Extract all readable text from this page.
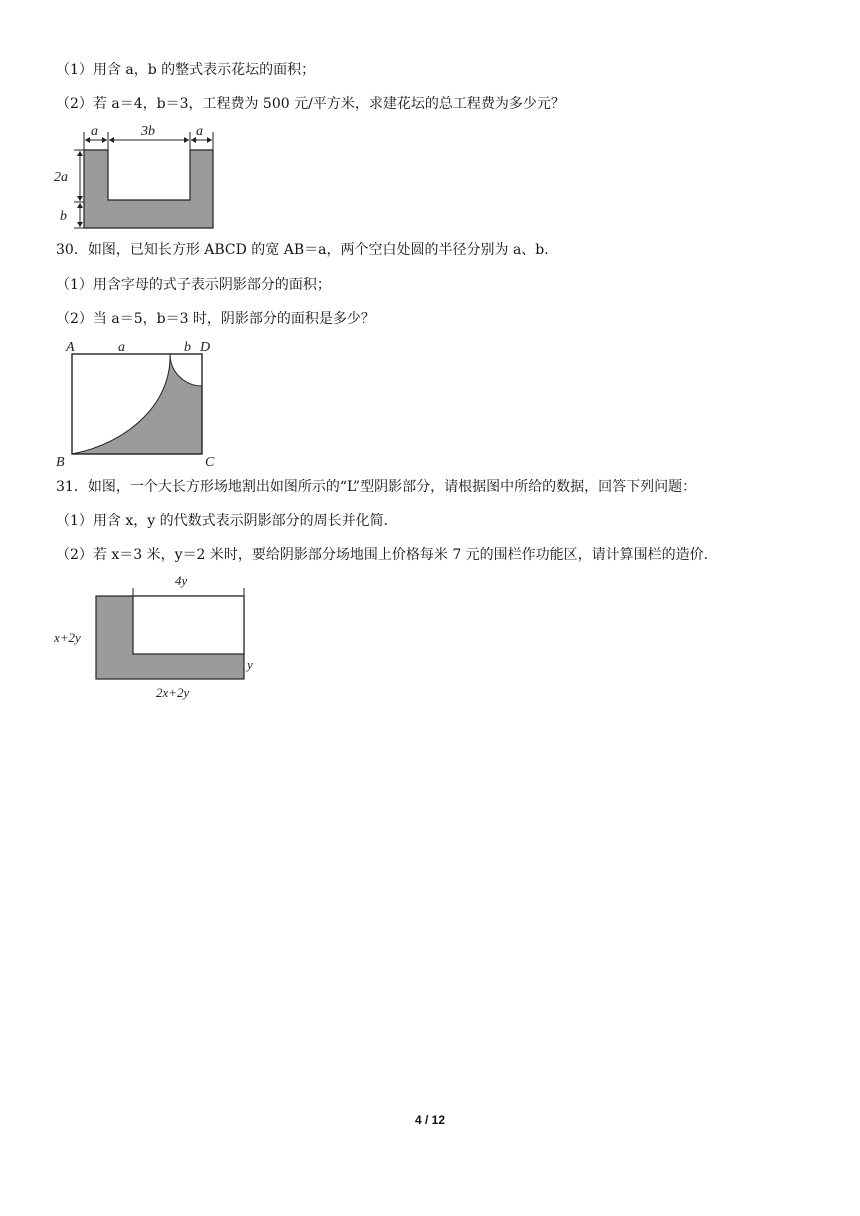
（1）用含 a，b 的整式表示花坛的面积；
（2）若 a＝4，b＝3，工程费为 500 元/平方米，求建花坛的总工程费为多少元？
a	3b	a
2a
b
30．如图，已知长方形 ABCD 的宽 AB＝a，两个空白处圆的半径分别为 a、b．
（1）用含字母的式子表示阴影部分的面积；
（2）当 a＝5，b＝3 时，阴影部分的面积是多少？
A	a	b D
B	C
31．如图，一个大长方形场地割出如图所示的“L”型阴影部分，请根据图中所给的数据，回答下列问题：
（1）用含 x，y 的代数式表示阴影部分的周长并化简．
（2）若 x＝3 米，y＝2 米时，要给阴影部分场地围上价格每米 7 元的围栏作功能区，请计算围栏的造价．
4y
x+2y
y
2x+2y
4 / 12
